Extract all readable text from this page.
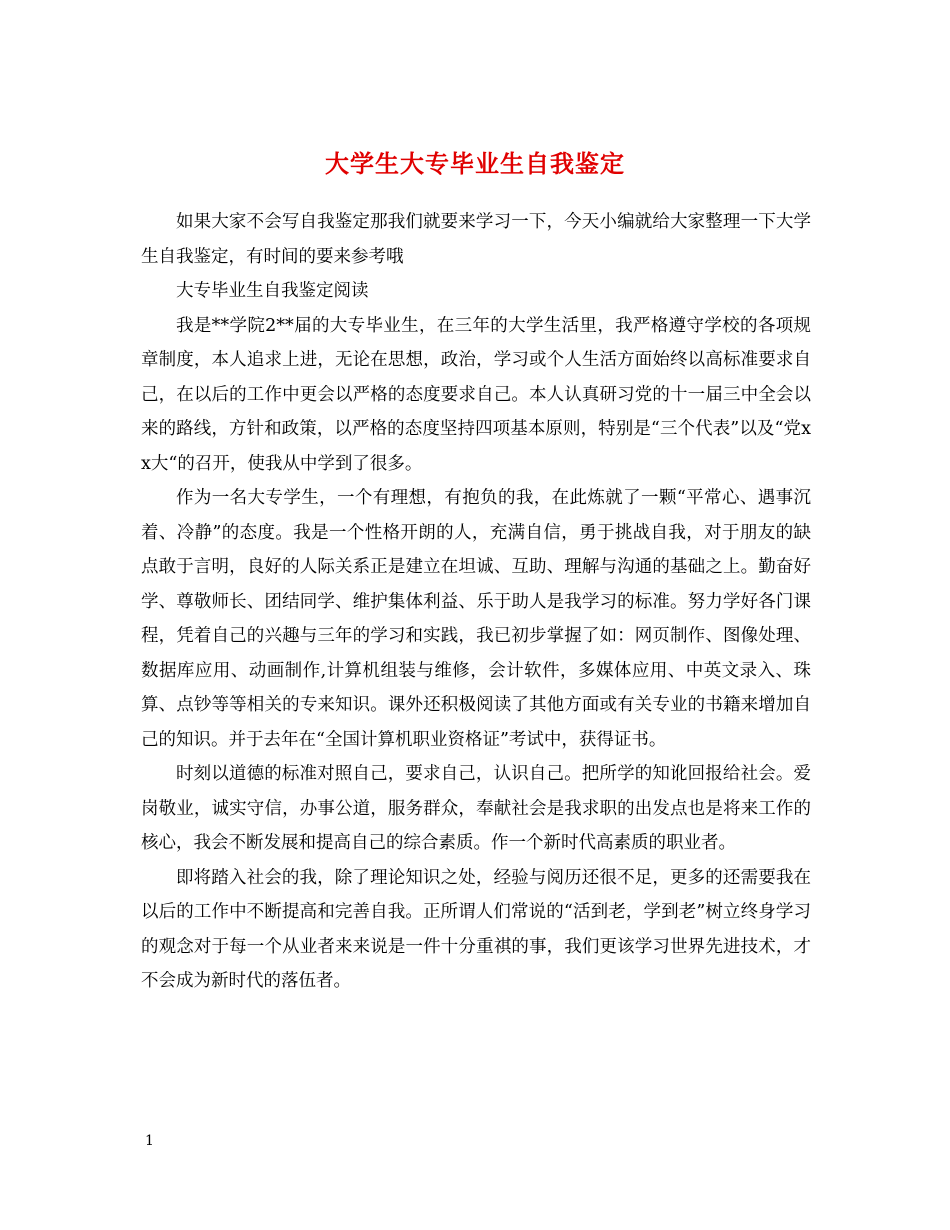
大学生大专毕业生自我鉴定

如果大家不会写自我鉴定那我们就要来学习一下，今天小编就给大家整理一下大学生自我鉴定，有时间的要来参考哦

大专毕业生自我鉴定阅读

我是**学院2**届的大专毕业生，在三年的大学生活里，我严格遵守学校的各项规章制度，本人追求上进，无论在思想，政治，学习或个人生活方面始终以高标准要求自己，在以后的工作中更会以严格的态度要求自己。本人认真研习党的十一届三中全会以来的路线，方针和政策，以严格的态度坚持四项基本原则，特别是“三个代表”以及“党xx大“的召开，使我从中学到了很多。

作为一名大专学生，一个有理想，有抱负的我，在此炼就了一颗“平常心、遇事沉着、冷静”的态度。我是一个性格开朗的人，充满自信，勇于挑战自我，对于朋友的缺点敢于言明，良好的人际关系正是建立在坦诚、互助、理解与沟通的基础之上。勤奋好学、尊敬师长、团结同学、维护集体利益、乐于助人是我学习的标准。努力学好各门课程，凭着自己的兴趣与三年的学习和实践，我已初步掌握了如：网页制作、图像处理、数据库应用、动画制作,计算机组装与维修，会计软件，多媒体应用、中英文录入、珠算、点钞等等相关的专来知识。课外还积极阅读了其他方面或有关专业的书籍来增加自己的知识。并于去年在“全国计算机职业资格证”考试中，获得证书。

时刻以道德的标准对照自己，要求自己，认识自己。把所学的知讹回报给社会。爱岗敬业，诚实守信，办事公道，服务群众，奉献社会是我求职的出发点也是将来工作的核心，我会不断发展和提高自己的综合素质。作一个新时代高素质的职业者。

即将踏入社会的我，除了理论知识之处，经验与阅历还很不足，更多的还需要我在以后的工作中不断提高和完善自我。正所谓人们常说的“活到老，学到老”树立终身学习的观念对于每一个从业者来来说是一件十分重祺的事，我们更该学习世界先进技术，才不会成为新时代的落伍者。

1
